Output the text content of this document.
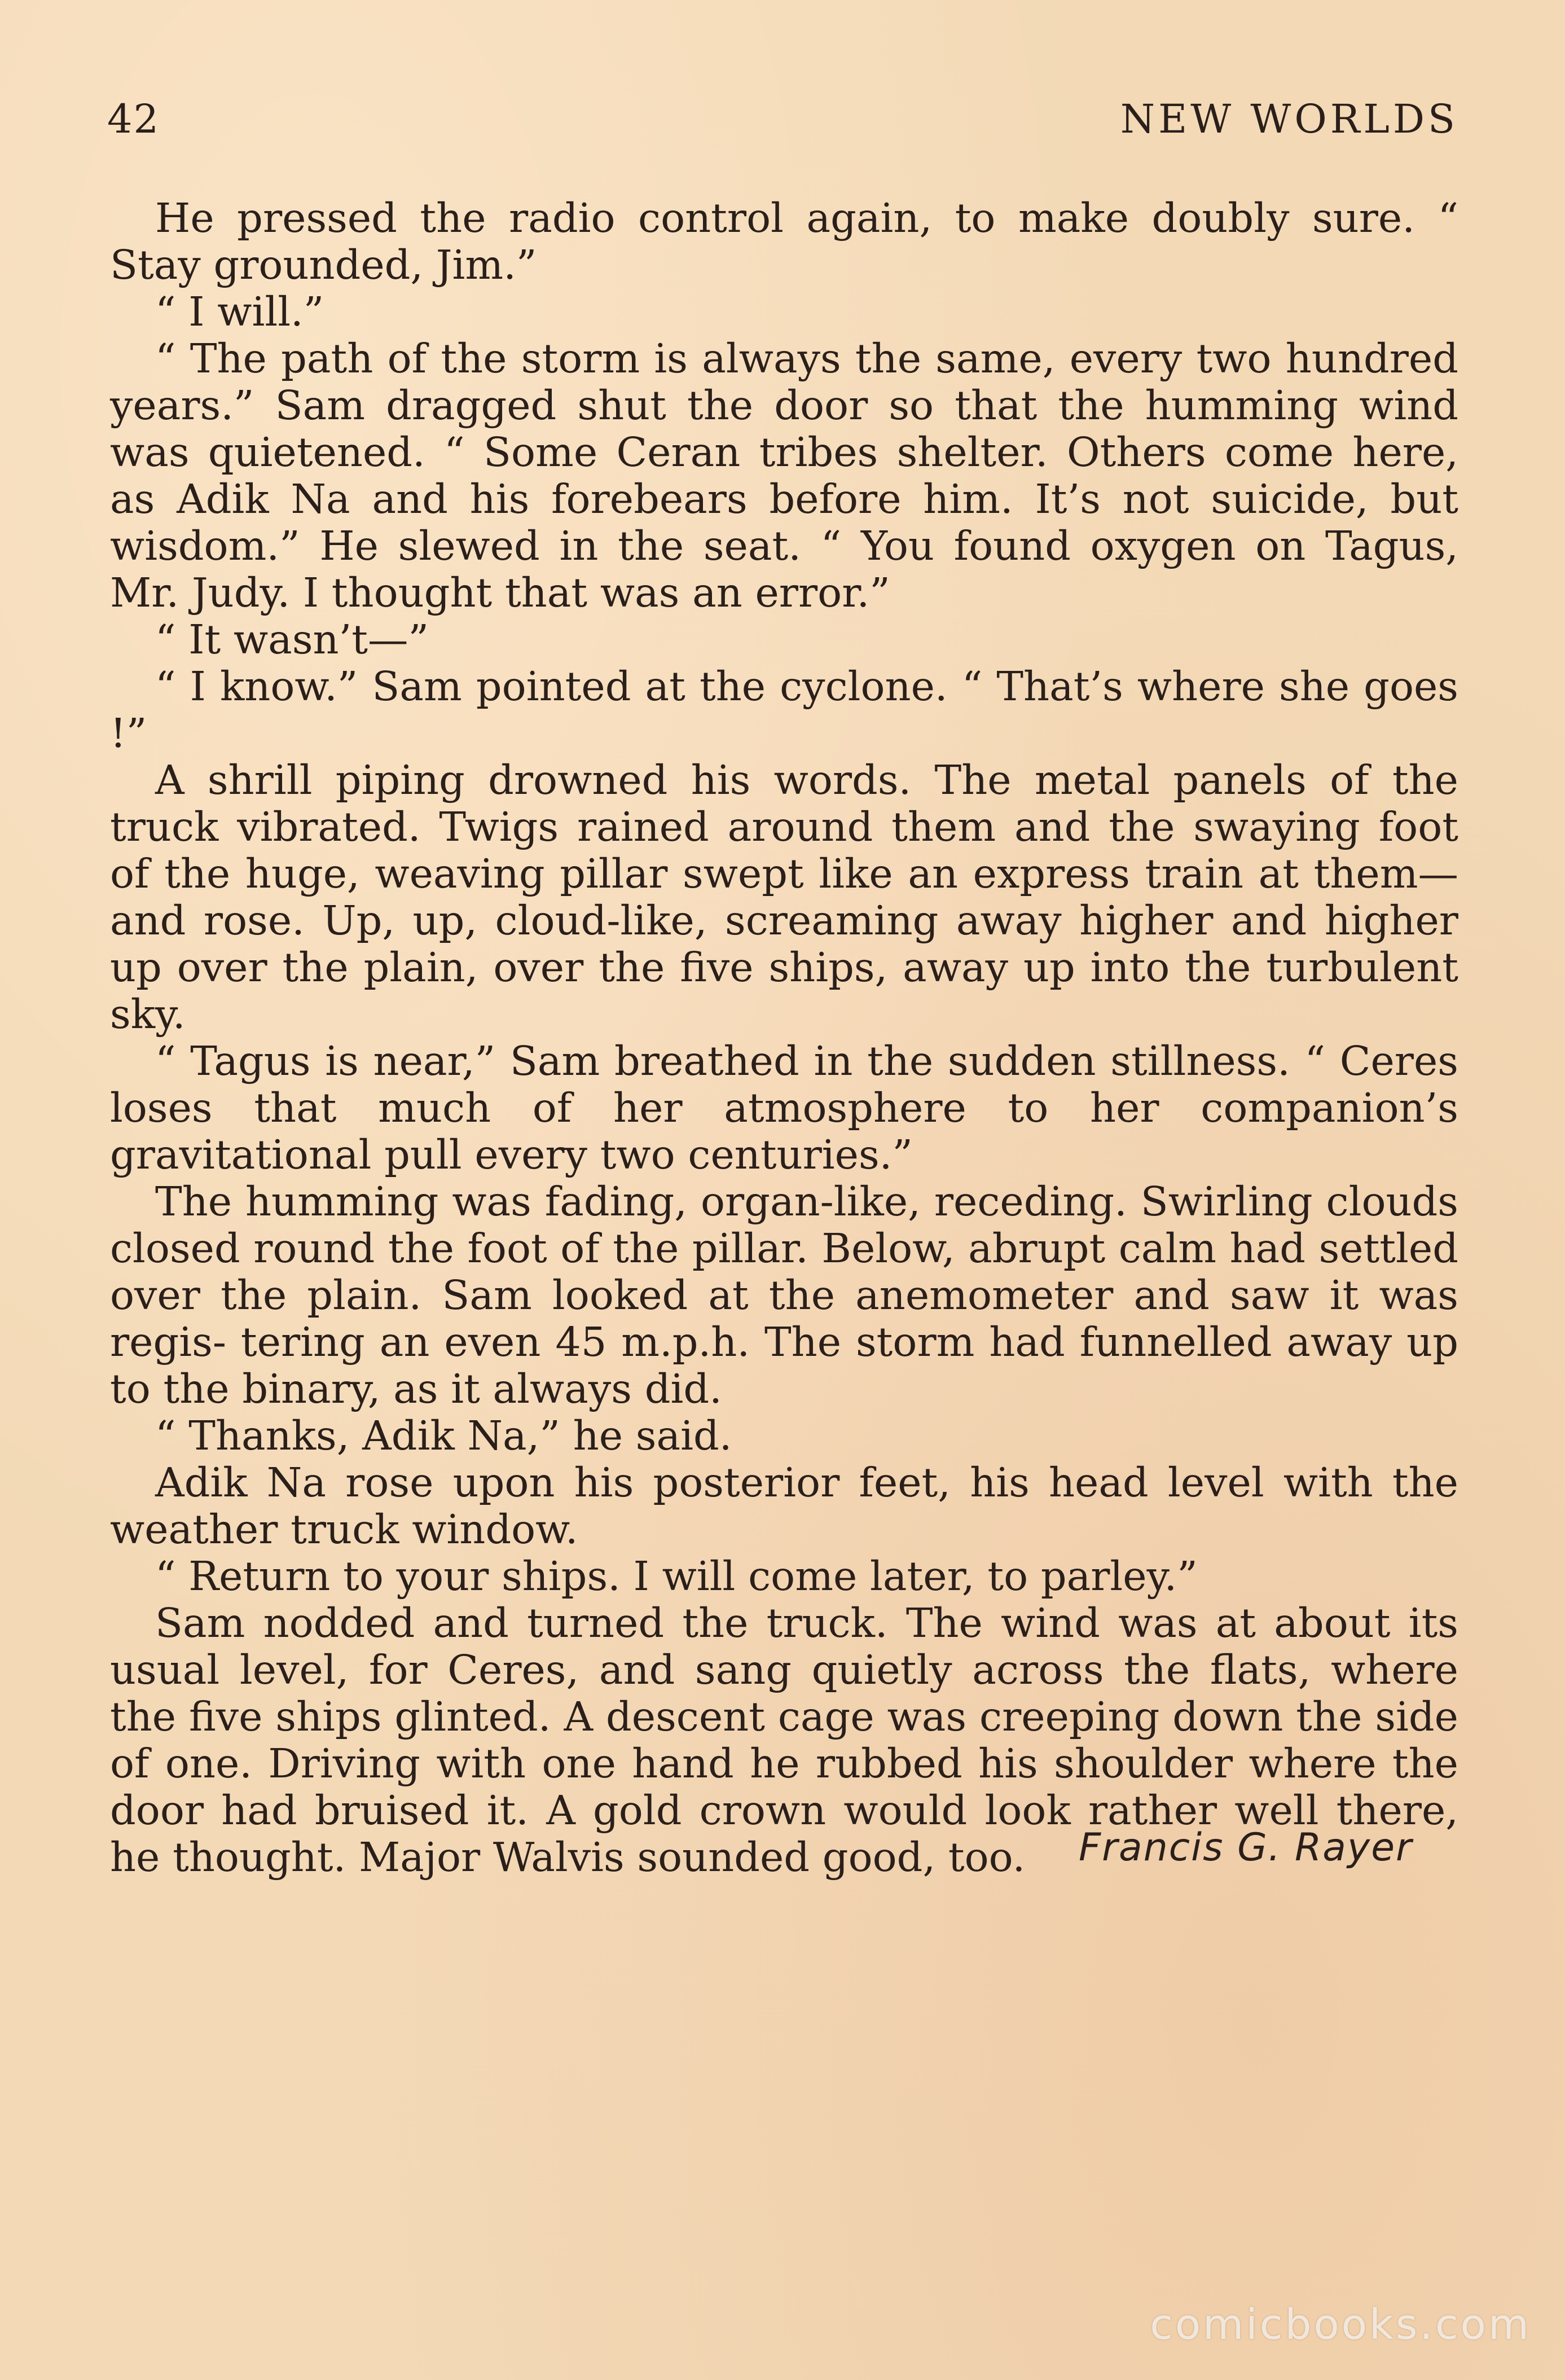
42	NEW WORLDS

He pressed the radio control again, to make doubly sure. “ Stay grounded, Jim.”

“ I will.”

“ The path of the storm is always the same, every two hundred years.” Sam dragged shut the door so that the humming wind was quietened. “ Some Ceran tribes shelter. Others come here, as Adik Na and his forebears before him. It’s not suicide, but wisdom.” He slewed in the seat. “ You found oxygen on Tagus, Mr. Judy. I thought that was an error.”

“ It wasn’t—”

“ I know.” Sam pointed at the cyclone. “ That’s where she goes !”

A shrill piping drowned his words. The metal panels of the truck vibrated. Twigs rained around them and the swaying foot of the huge, weaving pillar swept like an express train at them—and rose. Up, up, cloud-like, screaming away higher and higher up over the plain, over the five ships, away up into the turbulent sky.

“ Tagus is near,” Sam breathed in the sudden stillness. “ Ceres loses that much of her atmosphere to her companion’s gravitational pull every two centuries.”

The humming was fading, organ-like, receding. Swirling clouds closed round the foot of the pillar. Below, abrupt calm had settled over the plain. Sam looked at the anemometer and saw it was regis- tering an even 45 m.p.h. The storm had funnelled away up to the binary, as it always did.

“ Thanks, Adik Na,” he said.

Adik Na rose upon his posterior feet, his head level with the weather truck window.

“ Return to your ships. I will come later, to parley.”

Sam nodded and turned the truck. The wind was at about its usual level, for Ceres, and sang quietly across the flats, where the five ships glinted. A descent cage was creeping down the side of one. Driving with one hand he rubbed his shoulder where the door had bruised it. A gold crown would look rather well there, he thought. Major Walvis sounded good, too.	Francis G. Rayer
comicbooks.com
